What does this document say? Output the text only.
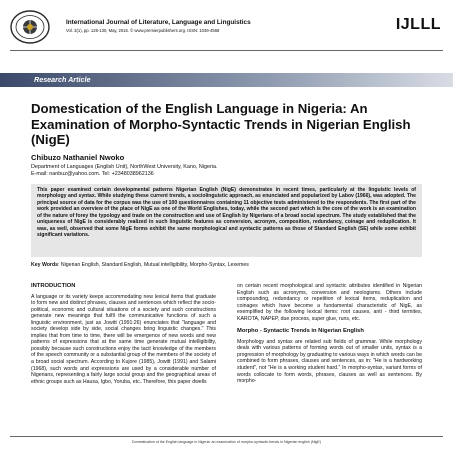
International Journal of Literature, Language and Linguistics
Vol. 3(1), pp. 126-130, May, 2016. © www.premierpublishers.org. ISSN: 1036-4568	IJLLL
Research Article
Domestication of the English Language in Nigeria: An Examination of Morpho-Syntactic Trends in Nigerian English (NigE)
Chibuzo Nathaniel Nwoko
Department of Languages (English Unit), NorthWest University, Kano, Nigeria.
E-mail: nanbuz@yahoo.com. Tel: +2348038962136
This paper examined certain developmental patterns Nigerian English (NigE) demonstrates in recent times, particularly at the linguistic levels of morphology and syntax. While studying these current trends, a sociolinguistic approach, as enunciated and popularized by Labov (1966), was adopted. The principal source of data for the corpus was the use of 100 questionnaires containing 11 objective tests administered to the respondents. The first part of the work provided an overview of the place of NigE as one of the World Englishes, today, while the second part which is the core of the work is an examination of the nature of forey the typology and trade on the construction and use of English by Nigerians of a broad social spectrum. The study established that the uniqueness of NigE is considerably realized in such linguistic features as conversion, acronym, composition, redundancy, coinage and reduplication. It was, as well, observed that some NigE forms exhibit the same morphological and syntactic patterns as those of Standard English (SE) while some exhibit significant variations.
Key Words: Nigerian English, Standard English, Mutual intelligibility, Morpho-Syntax, Lexemes
INTRODUCTION
A language or its variety keeps accommodating new lexical items that graduate to form new and distinct phrases, clauses and sentences which reflect the socio-political, economic and cultural situations of a society and such constructions generate new meanings that fulfil the communicative functions of such a linguistic environment, just as Jowitt (1991:26) enunciates that "language and society develop side by side, social changes bring linguistic changes." This implies that from time to time, there will be emergence of new words and new patterns of expressions that at the same time generate mutual intelligibility, possibly because such constructions enjoy the tacit knowledge of the members of the speech community or a substantial group of the members of the society of a broad social spectrum. According to Kujore (1985), Jowitt (1991) and Salami (1968), such words and expressions are used by a considerable number of Nigerians, representing a fairly large social group and the geographical areas of ethnic groups such as Hausa, Igbo, Yoruba, etc..Therefore, this paper dwells
on certain recent morphological and syntactic attributes identified in Nigerian English such as acronyms, conversion and neologisms. Others include compounding, redundancy or repetition of lexical items, reduplication and coinages which have become a fundamental characteristic of NigE, as exemplified by the following lexical items: root causes, anti - third termites, KAROTA, NAPEP, due process, super glue, runs, etc.
Morpho - Syntactic Trends in Nigerian English
Morphology and syntax are related sub fields of grammar. While morphology deals with various patterns of forming words out of smaller units, syntax is a progression of morphology by graduating to various ways in which words can be combined to form phrases, clauses and sentences, as in: "He is a hardworking student", not "He is a working student hard." In morpho-syntax, variant forms of words collocate to form words, phrases, clauses as well as sentences. By morpho-
Domestication of the English language in Nigeria: an examination of morpho-syntactic trends in Nigerian english (NigE)
